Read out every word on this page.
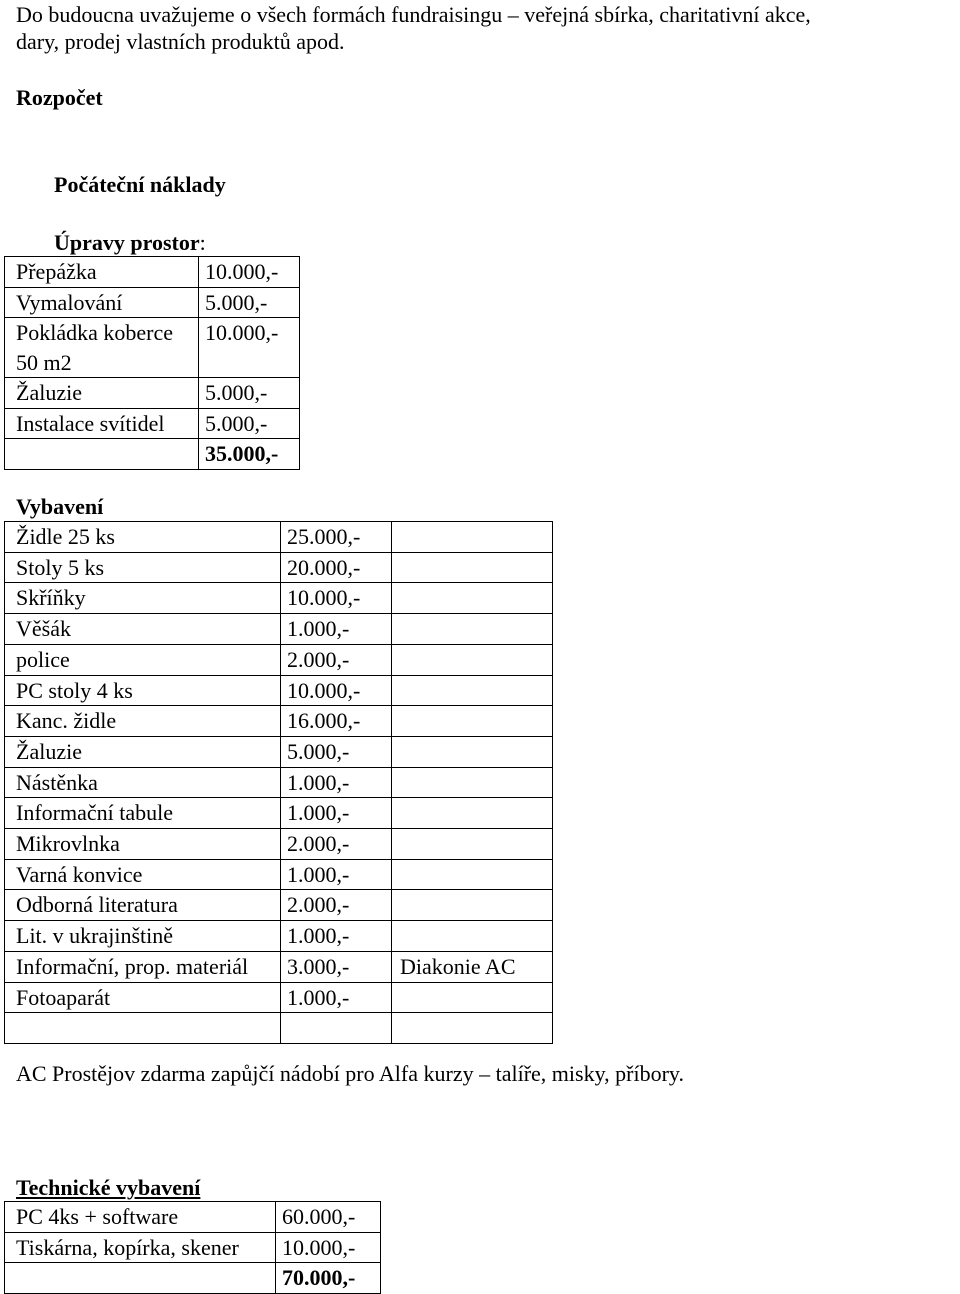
Do budoucna uvažujeme o všech formách fundraisingu – veřejná sbírka, charitativní akce,

dary, prodej vlastních produktů apod.

Rozpočet

Počáteční náklady

Úpravy prostor:

Přepážka	10.000,-

Vymalování	5.000,-

Pokládka koberce
50 m2	10.000,-

Žaluzie	5.000,-

Instalace svítidel	5.000,-

	35.000,-

Vybavení

Židle 25 ks	25.000,-	

Stoly 5 ks	20.000,-	

Skříňky	10.000,-	

Věšák	1.000,-	

police	2.000,-	

PC stoly 4 ks	10.000,-	

Kanc. židle	16.000,-	

Žaluzie	5.000,-	

Nástěnka	1.000,-	

Informační tabule	1.000,-	

Mikrovlnka	2.000,-	

Varná konvice	1.000,-	

Odborná literatura	2.000,-	

Lit. v ukrajinštině	1.000,-	

Informační, prop. materiál	3.000,-	Diakonie AC

Fotoaparát	1.000,-	

AC Prostějov zdarma zapůjčí nádobí pro Alfa kurzy – talíře, misky, příbory.

Technické vybavení

PC 4ks + software	60.000,-

Tiskárna, kopírka, skener	10.000,-

	70.000,-
